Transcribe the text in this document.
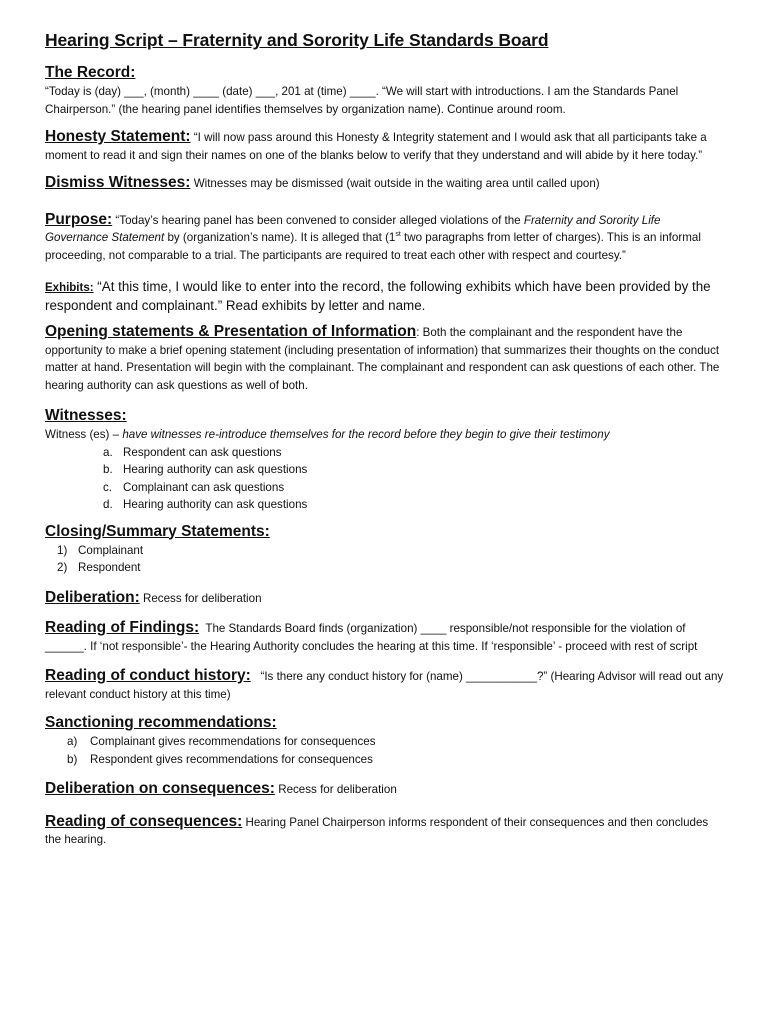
Hearing Script – Fraternity and Sorority Life Standards Board
The Record:

“Today is (day) ___, (month) ____ (date) ___, 201 at (time) ____. “We will start with introductions. I am the Standards Panel Chairperson.” (the hearing panel identifies themselves by organization name). Continue around room.

Honesty Statement: “I will now pass around this Honesty & Integrity statement and I would ask that all participants take a moment to read it and sign their names on one of the blanks below to verify that they understand and will abide by it here today.”

Dismiss Witnesses: Witnesses may be dismissed (wait outside in the waiting area until called upon)

Purpose: “Today’s hearing panel has been convened to consider alleged violations of the Fraternity and Sorority Life Governance Statement by (organization’s name). It is alleged that (1st two paragraphs from letter of charges). This is an informal proceeding, not comparable to a trial. The participants are required to treat each other with respect and courtesy.”

Exhibits: “At this time, I would like to enter into the record, the following exhibits which have been provided by the respondent and complainant.” Read exhibits by letter and name.

Opening statements & Presentation of Information: Both the complainant and the respondent have the opportunity to make a brief opening statement (including presentation of information) that summarizes their thoughts on the conduct matter at hand. Presentation will begin with the complainant. The complainant and respondent can ask questions of each other. The hearing authority can ask questions as well of both.

Witnesses:

Witness (es) – have witnesses re-introduce themselves for the record before they begin to give their testimony

a. Respondent can ask questions
b. Hearing authority can ask questions
c. Complainant can ask questions
d. Hearing authority can ask questions
Closing/Summary Statements:
1) Complainant
2) Respondent

Deliberation: Recess for deliberation

Reading of Findings:  The Standards Board finds (organization) ____ responsible/not responsible for the violation of ______. If ‘not responsible’- the Hearing Authority concludes the hearing at this time. If ‘responsible’ - proceed with rest of script

Reading of conduct history:   “Is there any conduct history for (name) ___________?” (Hearing Advisor will read out any relevant conduct history at this time)

Sanctioning recommendations:
a) Complainant gives recommendations for consequences
b) Respondent gives recommendations for consequences

Deliberation on consequences: Recess for deliberation

Reading of consequences: Hearing Panel Chairperson informs respondent of their consequences and then concludes the hearing.
